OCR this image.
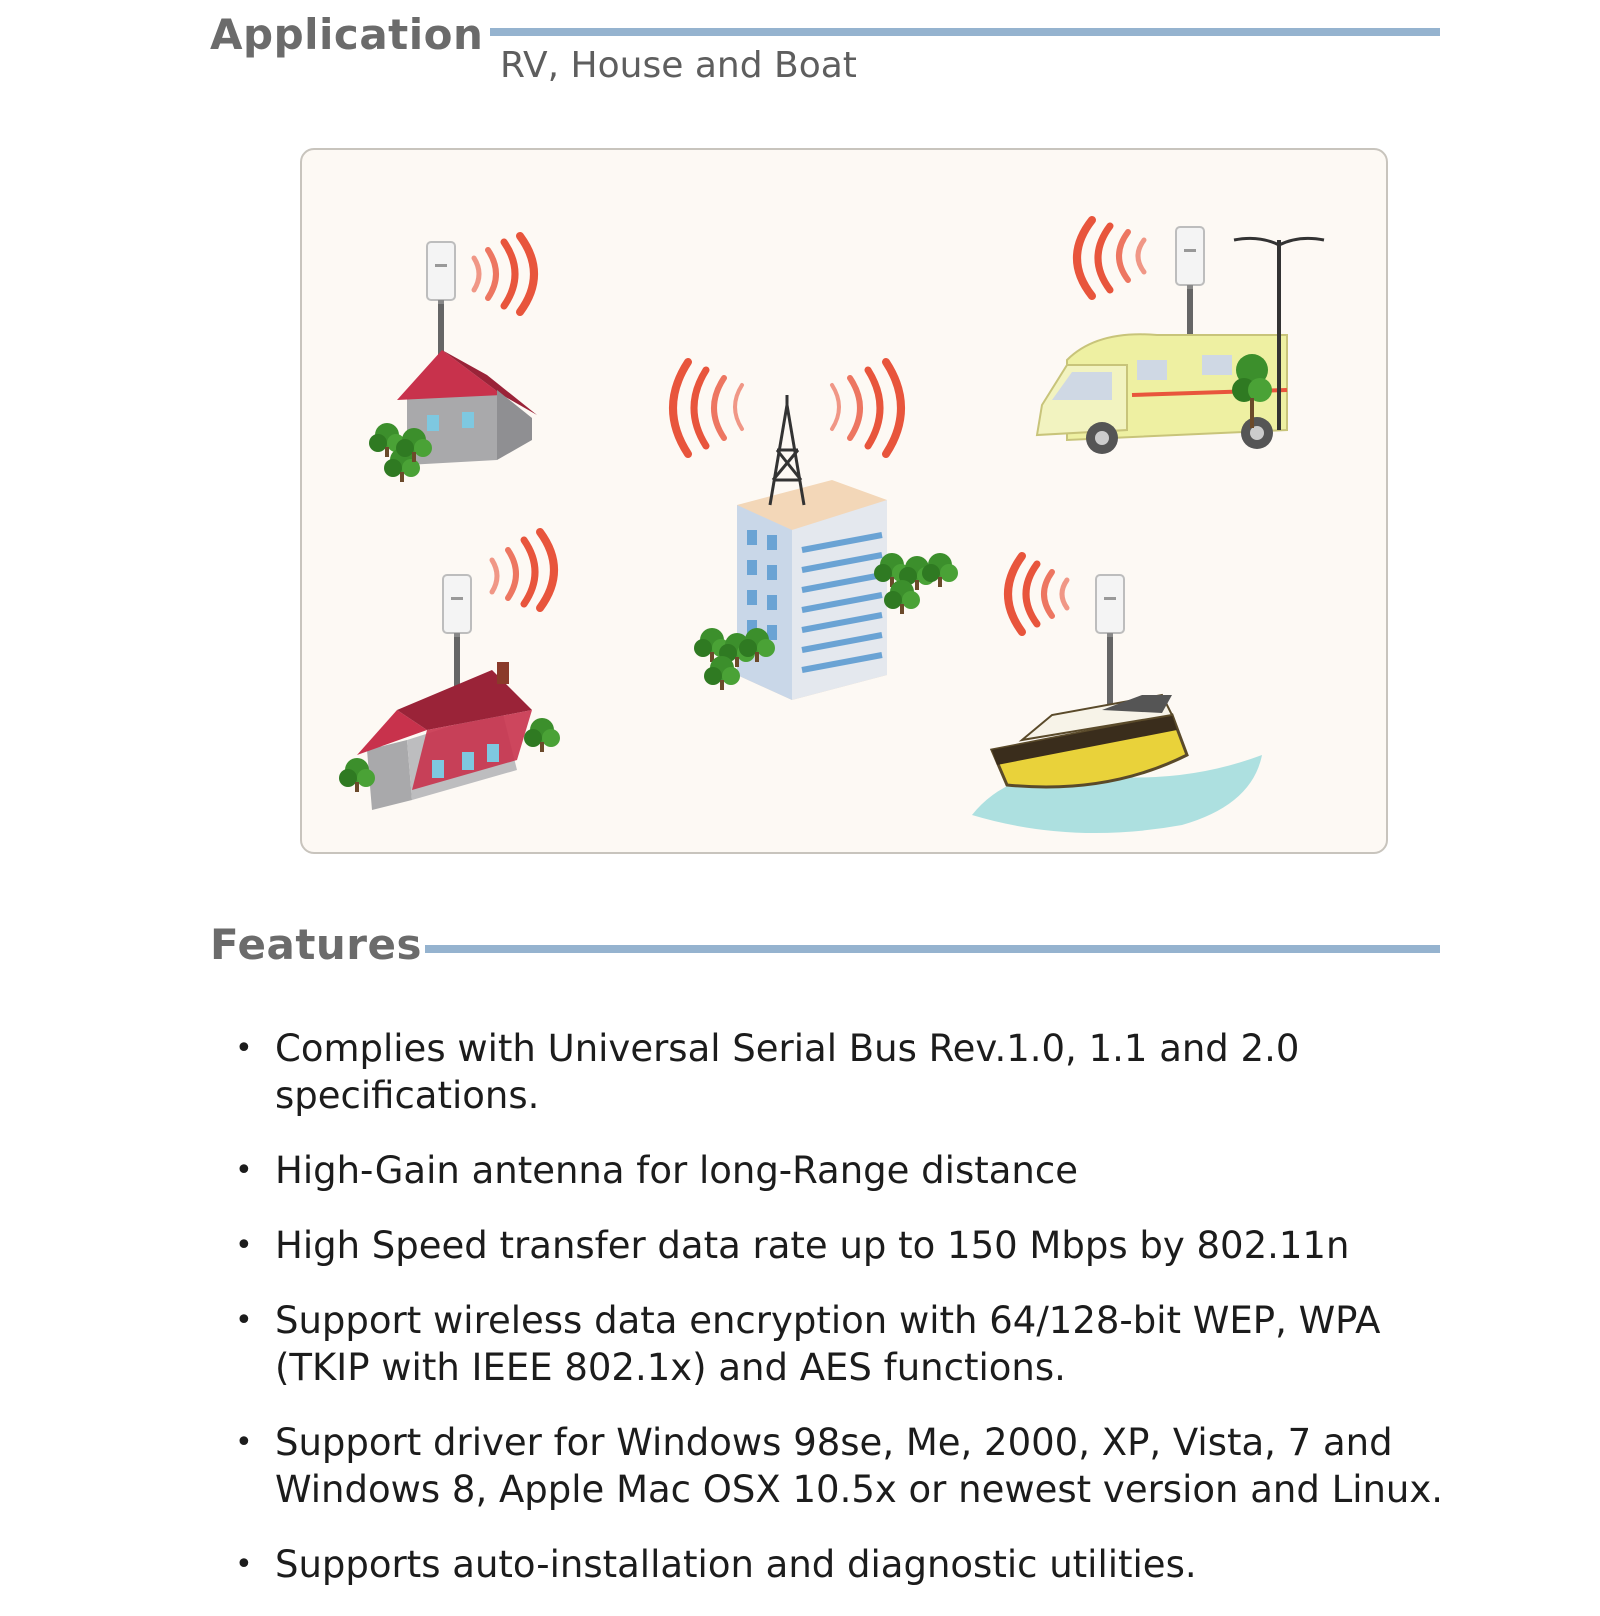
Application
RV, House and Boat
Features
• Complies with Universal Serial Bus Rev.1.0, 1.1 and 2.0 specifications.
• High-Gain antenna for long-Range distance
• High Speed transfer data rate up to 150 Mbps by 802.11n
• Support wireless data encryption with 64/128-bit WEP, WPA (TKIP with IEEE 802.1x) and AES functions.
• Support driver for Windows 98se, Me, 2000, XP, Vista, 7 and Windows 8, Apple Mac OSX 10.5x or newest version and Linux.
• Supports auto-installation and diagnostic utilities.
